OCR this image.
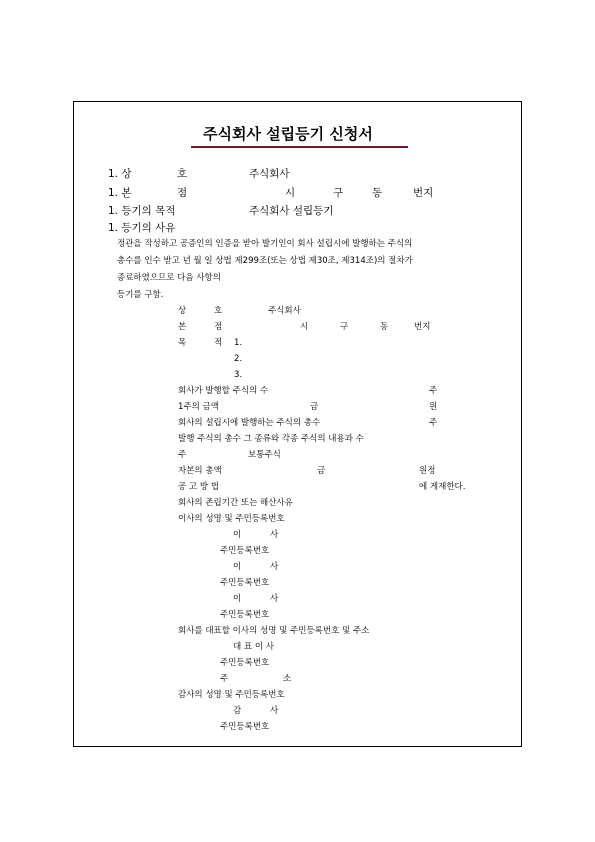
주식회사 설립등기 신청서
1. 상	호	주식회사
1. 본	점	시	구	동	번지
1. 등기의 목적	주식회사 설립등기
1. 등기의 사유
정관을 작성하고 공증인의 인증을 받아 발기인이 회사 설립시에 발행하는 주식의
총수를 인수 받고 년 월 일 상법 제299조(또는 상법 제30조, 제314조)의 절차가
종료하였으므로 다음 사항의
등기를 구함.
상	호	주식회사
본	점	시	구	동	번지
목	적 1.
2.
3.
회사가 발행할 주식의 수	주
1주의 금액	금	원
회사의 설립시에 발행하는 주식의 총수	주
발행 주식의 총수 그 종류와 각종 주식의 내용과 수
주	보통주식
자본의 총액	금	원정
공 고 방 법	에 게재한다.
회사의 존립기간 또는 해산사유
이사의 성명 및 주민등록번호
이	사
주민등록번호
이	사
주민등록번호
이	사
주민등록번호
회사를 대표할 이사의 성명 및 주민등록번호 및 주소
대 표 이 사
주민등록번호
주	소
감사의 성명 및 주민등록번호
감	사
주민등록번호
